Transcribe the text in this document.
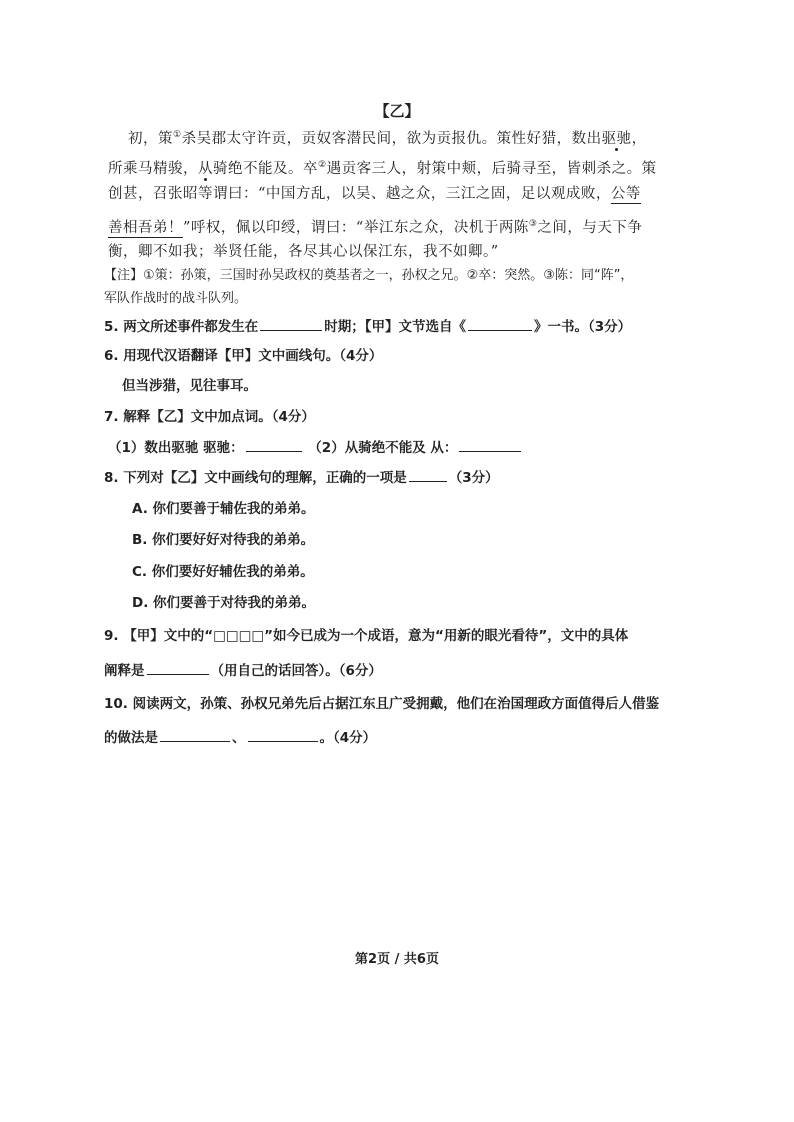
【乙】
初，策①杀吴郡太守许贡，贡奴客潜民间，欲为贡报仇。策性好猎，数出驱驰，
所乘马精骏，从骑绝不能及。卒②遇贡客三人，射策中颊，后骑寻至，皆刺杀之。策
创甚，召张昭等谓曰：“中国方乱，以吴、越之众，三江之固，足以观成败，公等
善相吾弟！”呼权，佩以印绶，谓曰：“举江东之众，决机于两陈③之间，与天下争
衡，卿不如我；举贤任能，各尽其心以保江东，我不如卿。”
【注】①策：孙策，三国时孙吴政权的奠基者之一，孙权之兄。②卒：突然。③陈：同“阵”，
军队作战时的战斗队列。
5. 两文所述事件都发生在	时期；【甲】文节选自《	》一书。（3分）
6. 用现代汉语翻译【甲】文中画线句。（4分）
但当涉猎，见往事耳。
7. 解释【乙】文中加点词。（4分）
（1）数出驱驰 驱驰：	（2）从骑绝不能及 从：
8. 下列对【乙】文中画线句的理解，正确的一项是	（3分）
A. 你们要善于辅佐我的弟弟。
B. 你们要好好对待我的弟弟。
C. 你们要好好辅佐我的弟弟。
D. 你们要善于对待我的弟弟。
9. 【甲】文中的“□□□□”如今已成为一个成语，意为“用新的眼光看待”，文中的具体
阐释是	（用自己的话回答）。（6分）
10. 阅读两文，孙策、孙权兄弟先后占据江东且广受拥戴，他们在治国理政方面值得后人借鉴
的做法是	、	。（4分）
第2页 / 共6页
